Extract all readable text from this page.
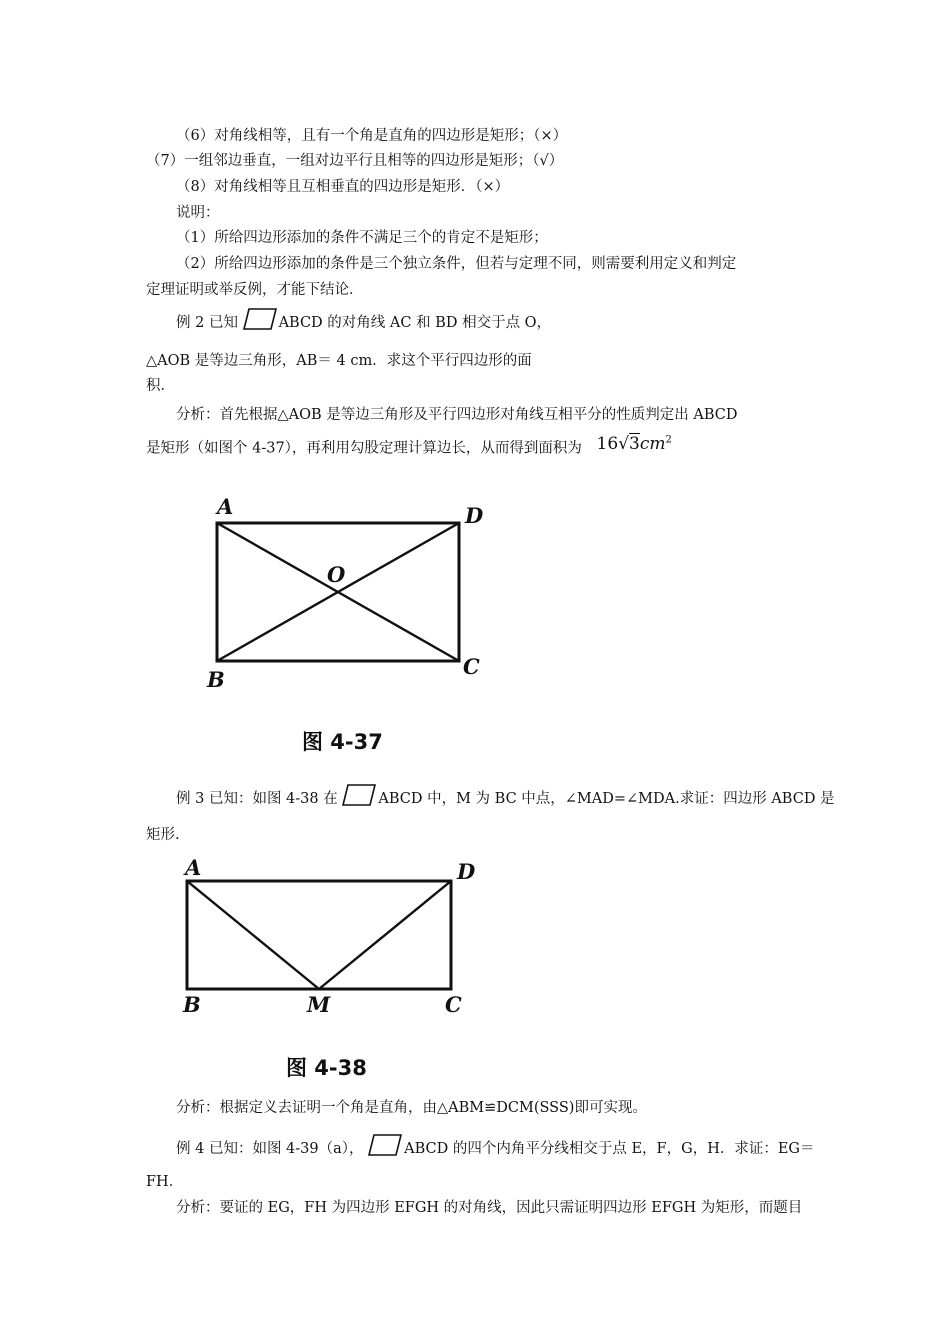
（6）对角线相等，且有一个角是直角的四边形是矩形；（×）
（7）一组邻边垂直，一组对边平行且相等的四边形是矩形；（√）
（8）对角线相等且互相垂直的四边形是矩形．（×）
说明：
（1）所给四边形添加的条件不满足三个的肯定不是矩形；
（2）所给四边形添加的条件是三个独立条件，但若与定理不同，则需要利用定义和判定
定理证明或举反例，才能下结论．
例 2 已知	ABCD 的对角线 AC 和 BD 相交于点 O，
△AOB 是等边三角形，AB＝ 4 cm．求这个平行四边形的面
积．
分析：首先根据△AOB 是等边三角形及平行四边形对角线互相平分的性质判定出 ABCD
是矩形（如图个 4-37），再利用勾股定理计算边长，从而得到面积为 $16√3cm^2$
A	D
O
B
C
图 4-37
例 3 已知：如图 4-38 在	ABCD 中，M 为 BC 中点，∠MAD=∠MDA.求证：四边形 ABCD 是
矩形.
A	D
B	M	C
图 4-38
分析：根据定义去证明一个角是直角，由△ABM≌DCM(SSS)即可实现。
例 4 已知：如图 4-39（a），	ABCD 的四个内角平分线相交于点 E，F，G，H．求证：EG＝
FH．
分析：要证的 EG，FH 为四边形 EFGH 的对角线，因此只需证明四边形 EFGH 为矩形，而题目
